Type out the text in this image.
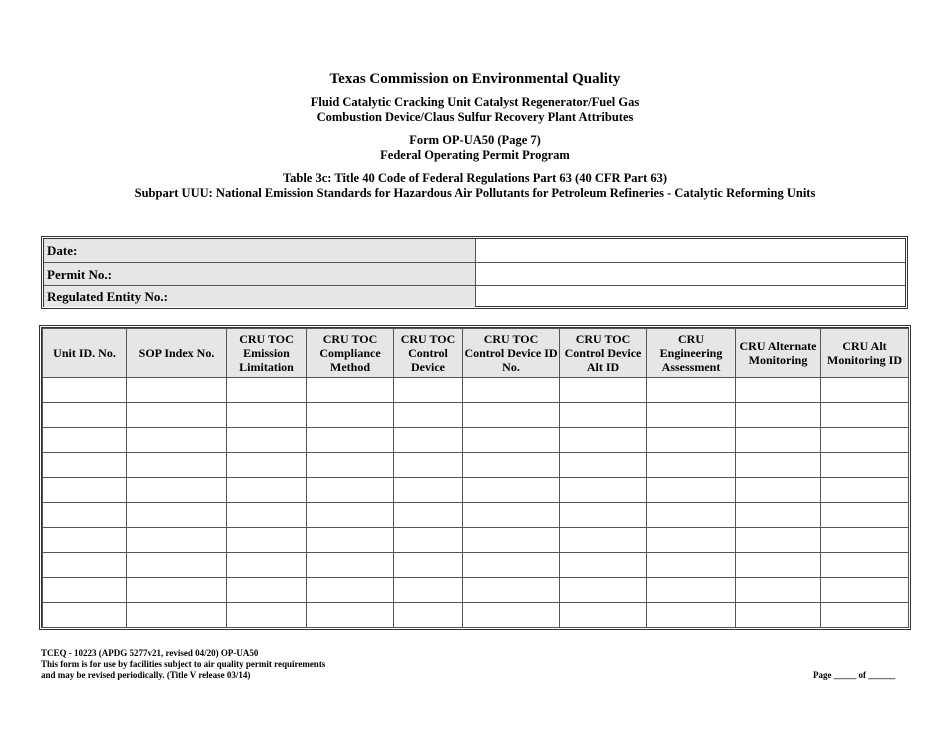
Texas Commission on Environmental Quality
Fluid Catalytic Cracking Unit Catalyst Regenerator/Fuel Gas
Combustion Device/Claus Sulfur Recovery Plant Attributes
Form OP-UA50 (Page 7)
Federal Operating Permit Program
Table 3c: Title 40 Code of Federal Regulations Part 63 (40 CFR Part 63)
Subpart UUU: National Emission Standards for Hazardous Air Pollutants for Petroleum Refineries - Catalytic Reforming Units
Date:
Permit No.:
Regulated Entity No.:
Unit ID. No.	SOP Index No.	CRU TOC Emission Limitation	CRU TOC Compliance Method	CRU TOC Control Device	CRU TOC Control Device ID No.	CRU TOC Control Device Alt ID	CRU Engineering Assessment	CRU Alternate Monitoring	CRU Alt Monitoring ID

TCEQ - 10223 (APDG 5277v21, revised 04/20) OP-UA50
This form is for use by facilities subject to air quality permit requirements
and may be revised periodically. (Title V release 03/14)	Page _____ of ______
